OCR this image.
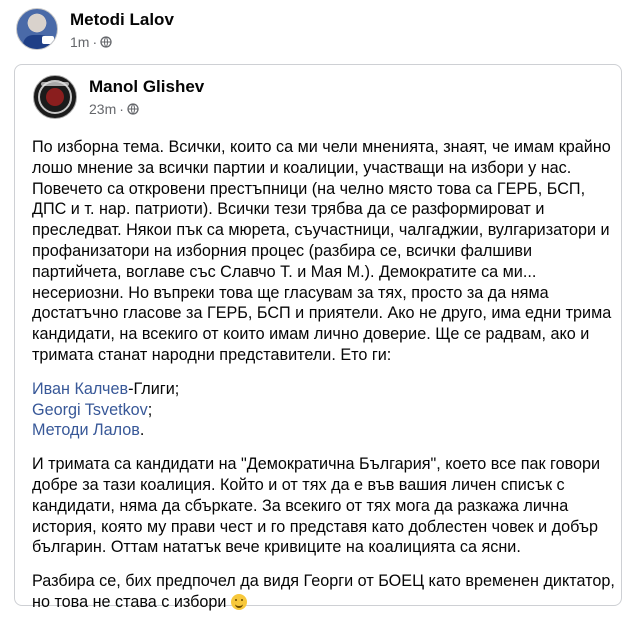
Metodi Lalov
1m ·
Manol Glishev
23m ·

По изборна тема. Всички, които са ми чели мненията, знаят, че имам крайно лошо мнение за всички партии и коалиции, участващи на избори у нас. Повечето са откровени престъпници (на челно място това са ГЕРБ, БСП, ДПС и т. нар. патриоти). Всички тези трябва да се разформироват и преследват. Някои пък са мюрета, съучастници, чалгаджии, вулгаризатори и профанизатори на изборния процес (разбира се, всички фалшиви партийчета, воглаве със Славчо Т. и Мая М.). Демократите са ми... несериозни. Но въпреки това ще гласувам за тях, просто за да няма достатъчно гласове за ГЕРБ, БСП и приятели. Ако не друго, има едни трима кандидати, на всекиго от които имам лично доверие. Ще се радвам, ако и тримата станат народни представители. Ето ги:

Иван Калчев-Глиги;
Georgi Tsvetkov;
Методи Лалов.

И тримата са кандидати на "Демократична България", което все пак говори добре за тази коалиция. Който и от тях да е във вашия личен списък с кандидати, няма да сбъркате. За всекиго от тях мога да разкажа лична история, която му прави чест и го представя като доблестен човек и добър българин. Оттам нататък вече кривиците на коалицията са ясни.

Разбира се, бих предпочел да видя Георги от БОЕЦ като временен диктатор, но това не става с избори
